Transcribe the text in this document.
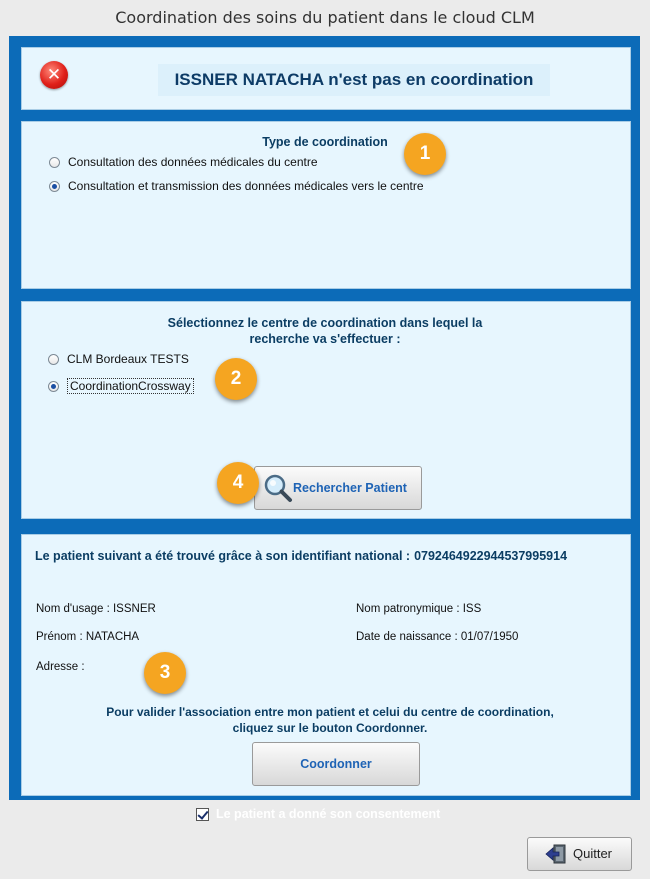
Coordination des soins du patient dans le cloud CLM
✕	ISSNER NATACHA n'est pas en coordination
Type de coordination
Consultation des données médicales du centre
Consultation et transmission des données médicales vers le centre
1
Sélectionnez le centre de coordination dans lequel la
recherche va s'effectuer :
CLM Bordeaux TESTS
CoordinationCrossway	2
Rechercher Patient
4
Le patient suivant a été trouvé grâce à son identifiant national : 0792464922944537995914
Nom d'usage : ISSNER
Prénom : NATACHA
Adresse :
Nom patronymique : ISS
Date de naissance : 01/07/1950
3
Pour valider l'association entre mon patient et celui du centre de coordination,
cliquez sur le bouton Coordonner.
Coordonner
Le patient a donné son consentement
Quitter
